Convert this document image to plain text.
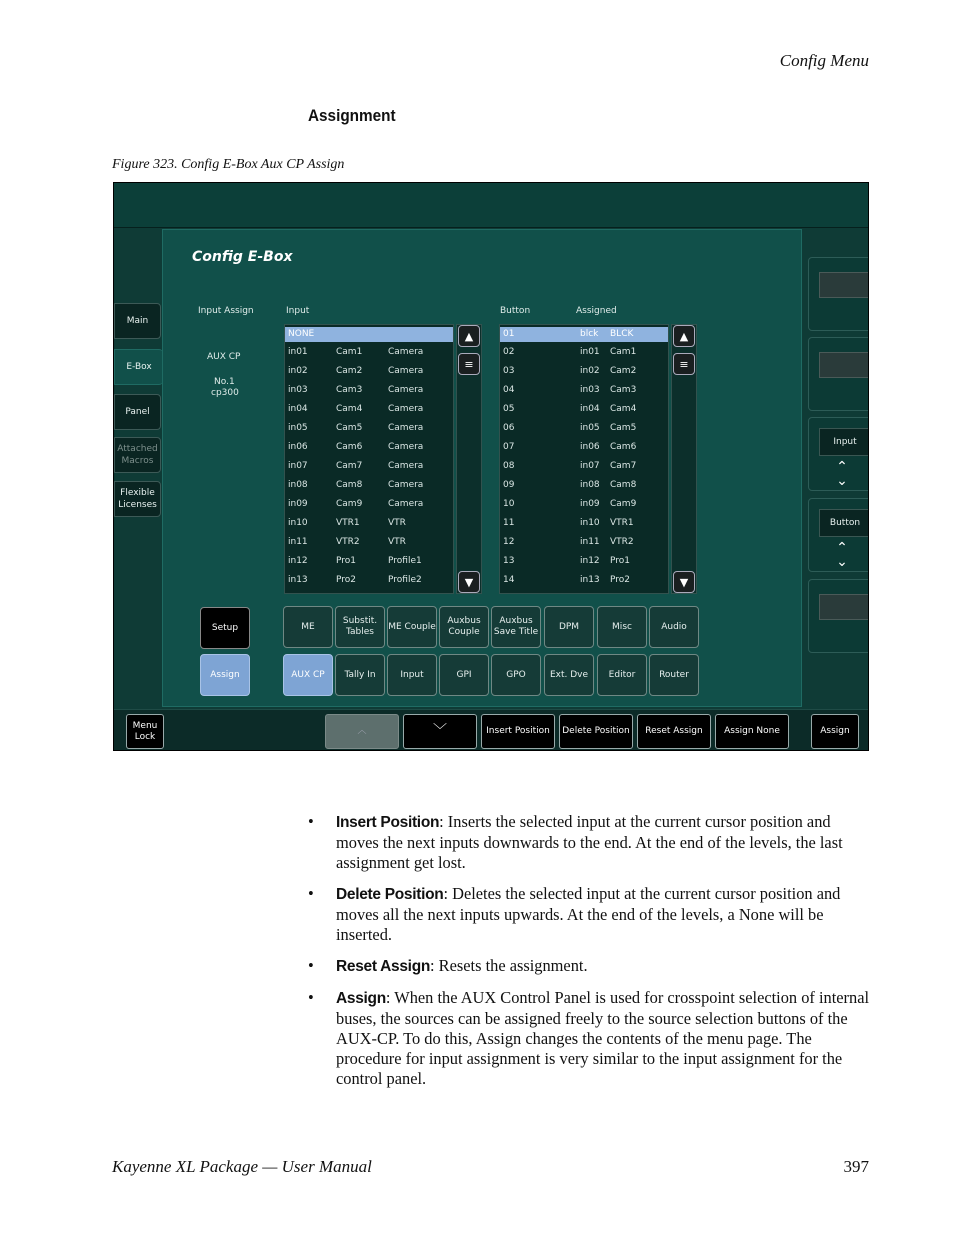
Config Menu
Assignment
Figure 323. Config E-Box Aux CP Assign
Main
E-Box
Panel
Attached Macros
Flexible Licenses
Config E-Box
Input Assign
AUX CP
No.1
cp300
Input	Button	Assigned
NONE
in01	Cam1	Camera
in02	Cam2	Camera
in03	Cam3	Camera
in04	Cam4	Camera
in05	Cam5	Camera
in06	Cam6	Camera
in07	Cam7	Camera
in08	Cam8	Camera
in09	Cam9	Camera
in10	VTR1	VTR
in11	VTR2	VTR
in12	Pro1	Profile1
in13	Pro2	Profile2
▲
≡
▼
01	blck BLCK
02	in01 Cam1
03	in02 Cam2
04	in03 Cam3
05	in04 Cam4
06	in05 Cam5
07	in06 Cam6
08	in07 Cam7
09	in08 Cam8
10	in09 Cam9
11	in10 VTR1
12	in11 VTR2
13	in12 Pro1
14	in13 Pro2
▲
≡
▼
Setup
Assign
ME
Substit. Tables
ME Couple
Auxbus Couple
Auxbus Save Title
DPM	Misc	Audio
AUX CP	Tally In	Input	GPI	GPO	Ext. Dve	Editor	Router
Input
⌃
⌄
Button
⌃
⌄
Menu Lock
︿	﹀	Insert Position	Delete Position	Reset Assign	Assign None	Assign
• Insert Position: Inserts the selected input at the current cursor position and moves the next inputs downwards to the end. At the end of the levels, the last assignment get lost.
• Delete Position: Deletes the selected input at the current cursor position and moves all the next inputs upwards. At the end of the levels, a None will be inserted.
• Reset Assign: Resets the assignment.
• Assign: When the AUX Control Panel is used for crosspoint selection of internal buses, the sources can be assigned freely to the source selection buttons of the AUX-CP. To do this, Assign changes the contents of the menu page. The procedure for input assignment is very similar to the input assignment for the control panel.
Kayenne XL Package — User Manual	397
